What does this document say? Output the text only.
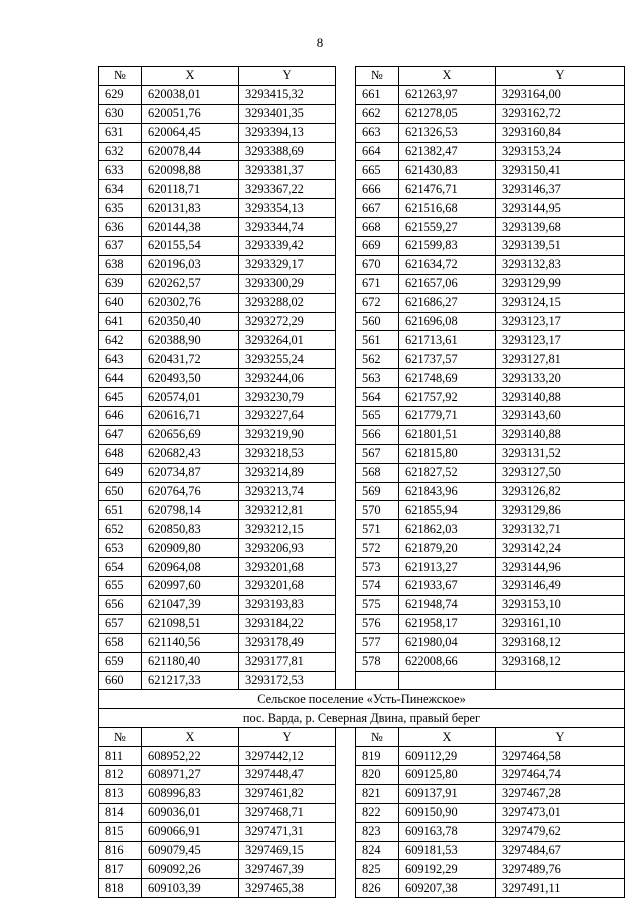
8
№	X	Y		№	X	Y
629	620038,01	3293415,32		661	621263,97	3293164,00
630	620051,76	3293401,35		662	621278,05	3293162,72
631	620064,45	3293394,13		663	621326,53	3293160,84
632	620078,44	3293388,69		664	621382,47	3293153,24
633	620098,88	3293381,37		665	621430,83	3293150,41
634	620118,71	3293367,22		666	621476,71	3293146,37
635	620131,83	3293354,13		667	621516,68	3293144,95
636	620144,38	3293344,74		668	621559,27	3293139,68
637	620155,54	3293339,42		669	621599,83	3293139,51
638	620196,03	3293329,17		670	621634,72	3293132,83
639	620262,57	3293300,29		671	621657,06	3293129,99
640	620302,76	3293288,02		672	621686,27	3293124,15
641	620350,40	3293272,29		560	621696,08	3293123,17
642	620388,90	3293264,01		561	621713,61	3293123,17
643	620431,72	3293255,24		562	621737,57	3293127,81
644	620493,50	3293244,06		563	621748,69	3293133,20
645	620574,01	3293230,79		564	621757,92	3293140,88
646	620616,71	3293227,64		565	621779,71	3293143,60
647	620656,69	3293219,90		566	621801,51	3293140,88
648	620682,43	3293218,53		567	621815,80	3293131,52
649	620734,87	3293214,89		568	621827,52	3293127,50
650	620764,76	3293213,74		569	621843,96	3293126,82
651	620798,14	3293212,81		570	621855,94	3293129,86
652	620850,83	3293212,15		571	621862,03	3293132,71
653	620909,80	3293206,93		572	621879,20	3293142,24
654	620964,08	3293201,68		573	621913,27	3293144,96
655	620997,60	3293201,68		574	621933,67	3293146,49
656	621047,39	3293193,83		575	621948,74	3293153,10
657	621098,51	3293184,22		576	621958,17	3293161,10
658	621140,56	3293178,49		577	621980,04	3293168,12
659	621180,40	3293177,81		578	622008,66	3293168,12
660	621217,33	3293172,53				
Сельское поселение «Усть-Пинежское»						
пос. Варда, р. Северная Двина, правый берег						
№	X	Y		№	X	Y
811	608952,22	3297442,12		819	609112,29	3297464,58
812	608971,27	3297448,47		820	609125,80	3297464,74
813	608996,83	3297461,82		821	609137,91	3297467,28
814	609036,01	3297468,71		822	609150,90	3297473,01
815	609066,91	3297471,31		823	609163,78	3297479,62
816	609079,45	3297469,15		824	609181,53	3297484,67
817	609092,26	3297467,39		825	609192,29	3297489,76
818	609103,39	3297465,38		826	609207,38	3297491,11
